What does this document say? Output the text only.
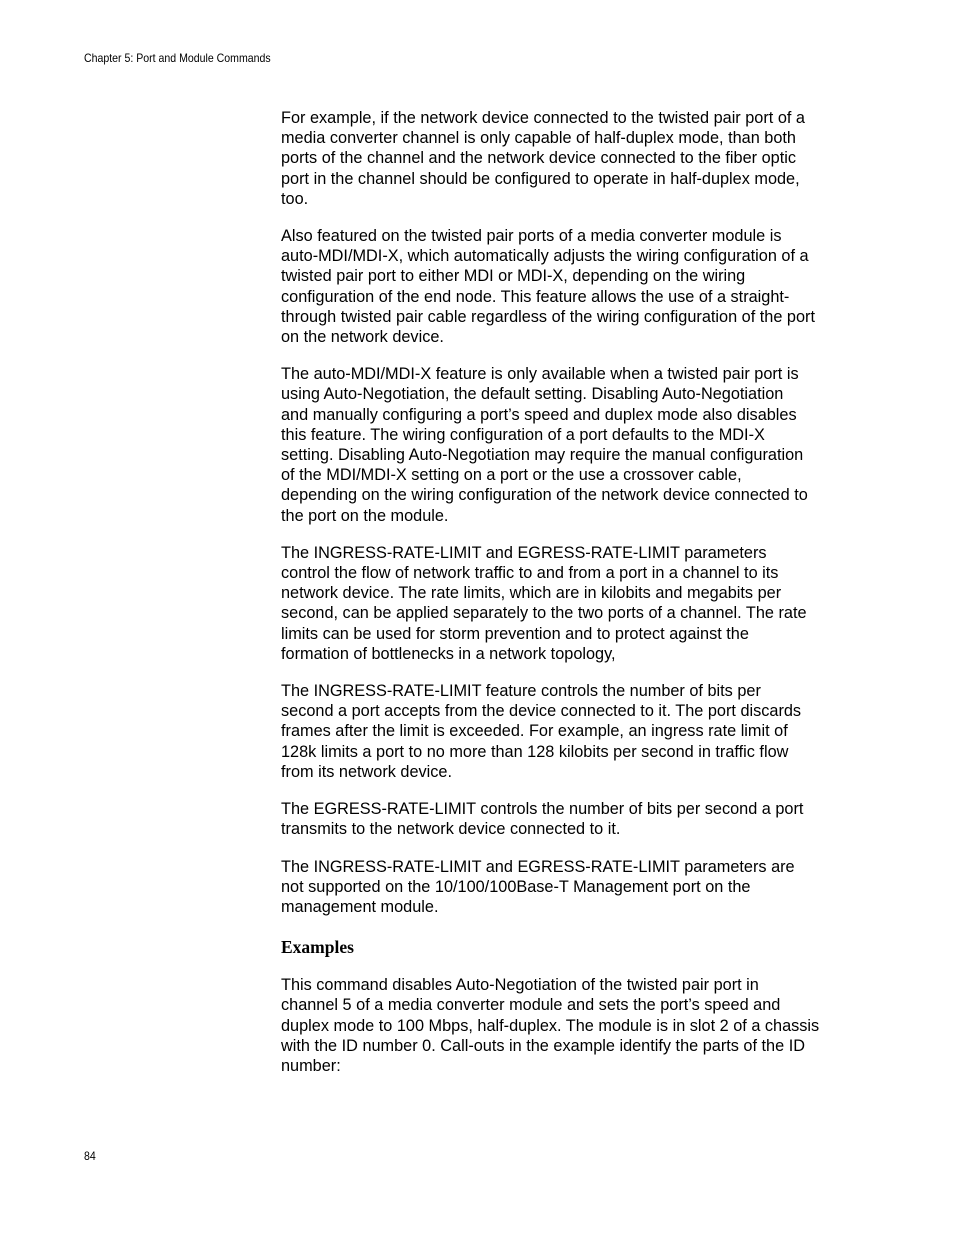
Chapter 5: Port and Module Commands

For example, if the network device connected to the twisted pair port of a
media converter channel is only capable of half-duplex mode, than both
ports of the channel and the network device connected to the fiber optic
port in the channel should be configured to operate in half-duplex mode,
too.

Also featured on the twisted pair ports of a media converter module is
auto-MDI/MDI-X, which automatically adjusts the wiring configuration of a
twisted pair port to either MDI or MDI-X, depending on the wiring
configuration of the end node. This feature allows the use of a straight-
through twisted pair cable regardless of the wiring configuration of the port
on the network device.

The auto-MDI/MDI-X feature is only available when a twisted pair port is
using Auto-Negotiation, the default setting. Disabling Auto-Negotiation
and manually configuring a port’s speed and duplex mode also disables
this feature. The wiring configuration of a port defaults to the MDI-X
setting. Disabling Auto-Negotiation may require the manual configuration
of the MDI/MDI-X setting on a port or the use a crossover cable,
depending on the wiring configuration of the network device connected to
the port on the module.

The INGRESS-RATE-LIMIT and EGRESS-RATE-LIMIT parameters
control the flow of network traffic to and from a port in a channel to its
network device. The rate limits, which are in kilobits and megabits per
second, can be applied separately to the two ports of a channel. The rate
limits can be used for storm prevention and to protect against the
formation of bottlenecks in a network topology,

The INGRESS-RATE-LIMIT feature controls the number of bits per
second a port accepts from the device connected to it. The port discards
frames after the limit is exceeded. For example, an ingress rate limit of
128k limits a port to no more than 128 kilobits per second in traffic flow
from its network device.

The EGRESS-RATE-LIMIT controls the number of bits per second a port
transmits to the network device connected to it.

The INGRESS-RATE-LIMIT and EGRESS-RATE-LIMIT parameters are
not supported on the 10/100/100Base-T Management port on the
management module.

Examples

This command disables Auto-Negotiation of the twisted pair port in
channel 5 of a media converter module and sets the port’s speed and
duplex mode to 100 Mbps, half-duplex. The module is in slot 2 of a chassis
with the ID number 0. Call-outs in the example identify the parts of the ID
number:

84
